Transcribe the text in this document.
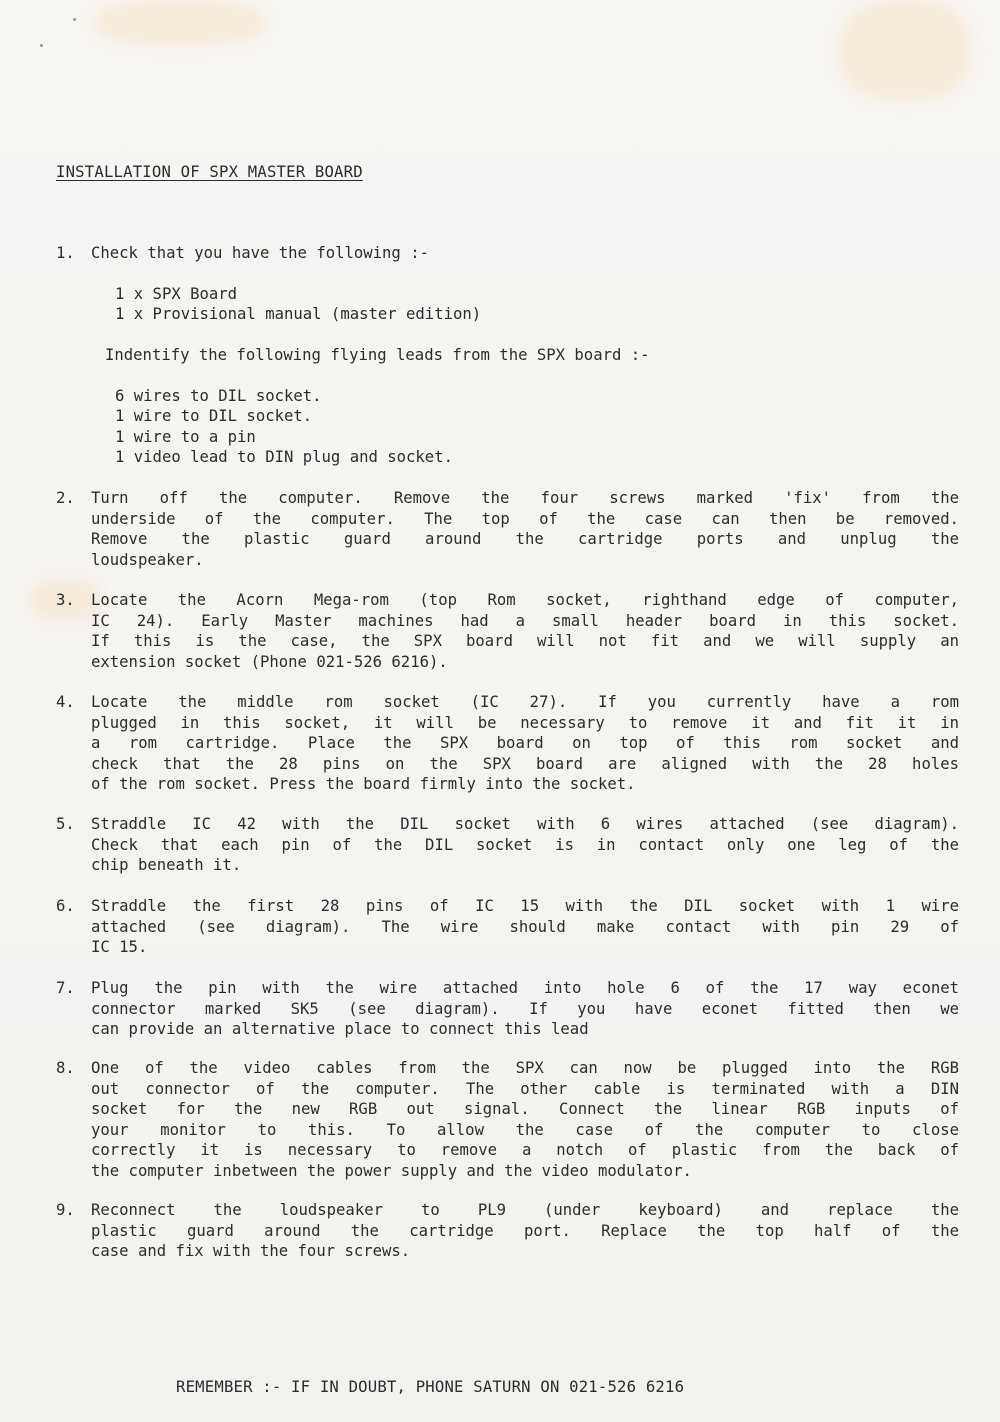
INSTALLATION OF SPX MASTER BOARD
1. Check that you have the following :-
1 x SPX Board
1 x Provisional manual (master edition)
Indentify the following flying leads from the SPX board :-
6 wires to DIL socket.
1 wire to DIL socket.
1 wire to a pin
1 video lead to DIN plug and socket.
2. Turn off the computer. Remove the four screws marked 'fix' from the
underside of the computer. The top of the case can then be removed.
Remove the plastic guard around the cartridge ports and unplug the
loudspeaker.
3. Locate the Acorn Mega-rom (top Rom socket, righthand edge of computer,
IC 24). Early Master machines had a small header board in this socket.
If this is the case, the SPX board will not fit and we will supply an
extension socket (Phone 021-526 6216).
4. Locate the middle rom socket (IC 27). If you currently have a rom
plugged in this socket, it will be necessary to remove it and fit it in
a rom cartridge. Place the SPX board on top of this rom socket and
check that the 28 pins on the SPX board are aligned with the 28 holes
of the rom socket. Press the board firmly into the socket.
5. Straddle IC 42 with the DIL socket with 6 wires attached (see diagram).
Check that each pin of the DIL socket is in contact only one leg of the
chip beneath it.
6. Straddle the first 28 pins of IC 15 with the DIL socket with 1 wire
attached (see diagram). The wire should make contact with pin 29 of
IC 15.
7. Plug the pin with the wire attached into hole 6 of the 17 way econet
connector marked SK5 (see diagram). If you have econet fitted then we
can provide an alternative place to connect this lead
8. One of the video cables from the SPX can now be plugged into the RGB
out connector of the computer. The other cable is terminated with a DIN
socket for the new RGB out signal. Connect the linear RGB inputs of
your monitor to this. To allow the case of the computer to close
correctly it is necessary to remove a notch of plastic from the back of
the computer inbetween the power supply and the video modulator.
9. Reconnect the loudspeaker to PL9 (under keyboard) and replace the
plastic guard around the cartridge port. Replace the top half of the
case and fix with the four screws.
REMEMBER :- IF IN DOUBT, PHONE SATURN ON 021-526 6216
